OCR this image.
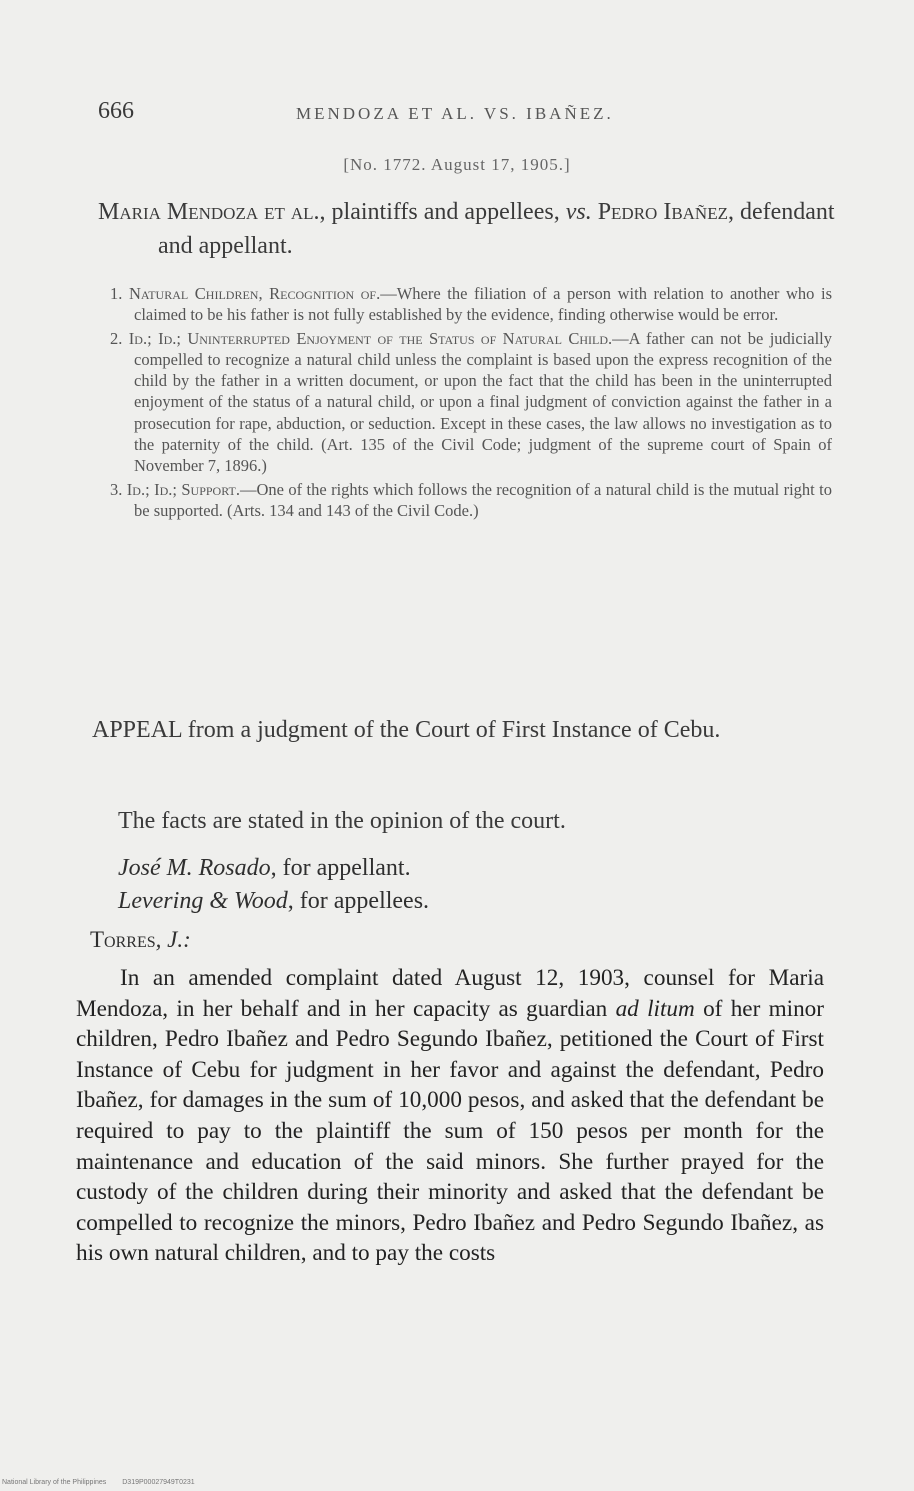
666	MENDOZA ET AL. VS. IBAÑEZ.
[No. 1772. August 17, 1905.]
Maria Mendoza et al., plaintiffs and appellees, vs. Pedro Ibañez, defendant and appellant.

1. Natural Children, Recognition of.—Where the filiation of a person with relation to another who is claimed to be his father is not fully established by the evidence, finding otherwise would be error.

2. Id.; Id.; Uninterrupted Enjoyment of the Status of Natural Child.—A father can not be judicially compelled to recognize a natural child unless the complaint is based upon the express recognition of the child by the father in a written document, or upon the fact that the child has been in the uninterrupted enjoyment of the status of a natural child, or upon a final judgment of conviction against the father in a prosecution for rape, abduction, or seduction. Except in these cases, the law allows no investigation as to the paternity of the child. (Art. 135 of the Civil Code; judgment of the supreme court of Spain of November 7, 1896.)

3. Id.; Id.; Support.—One of the rights which follows the recognition of a natural child is the mutual right to be supported. (Arts. 134 and 143 of the Civil Code.)

APPEAL from a judgment of the Court of First Instance of Cebu.
The facts are stated in the opinion of the court.
José M. Rosado, for appellant.
Levering & Wood, for appellees.
Torres, J.:
In an amended complaint dated August 12, 1903, counsel for Maria Mendoza, in her behalf and in her capacity as guardian ad litum of her minor children, Pedro Ibañez and Pedro Segundo Ibañez, petitioned the Court of First Instance of Cebu for judgment in her favor and against the defendant, Pedro Ibañez, for damages in the sum of 10,000 pesos, and asked that the defendant be required to pay to the plaintiff the sum of 150 pesos per month for the maintenance and education of the said minors. She further prayed for the custody of the children during their minority and asked that the defendant be compelled to recognize the minors, Pedro Ibañez and Pedro Segundo Ibañez, as his own natural children, and to pay the costs
National Library of the Philippines D319P00027949T0231
